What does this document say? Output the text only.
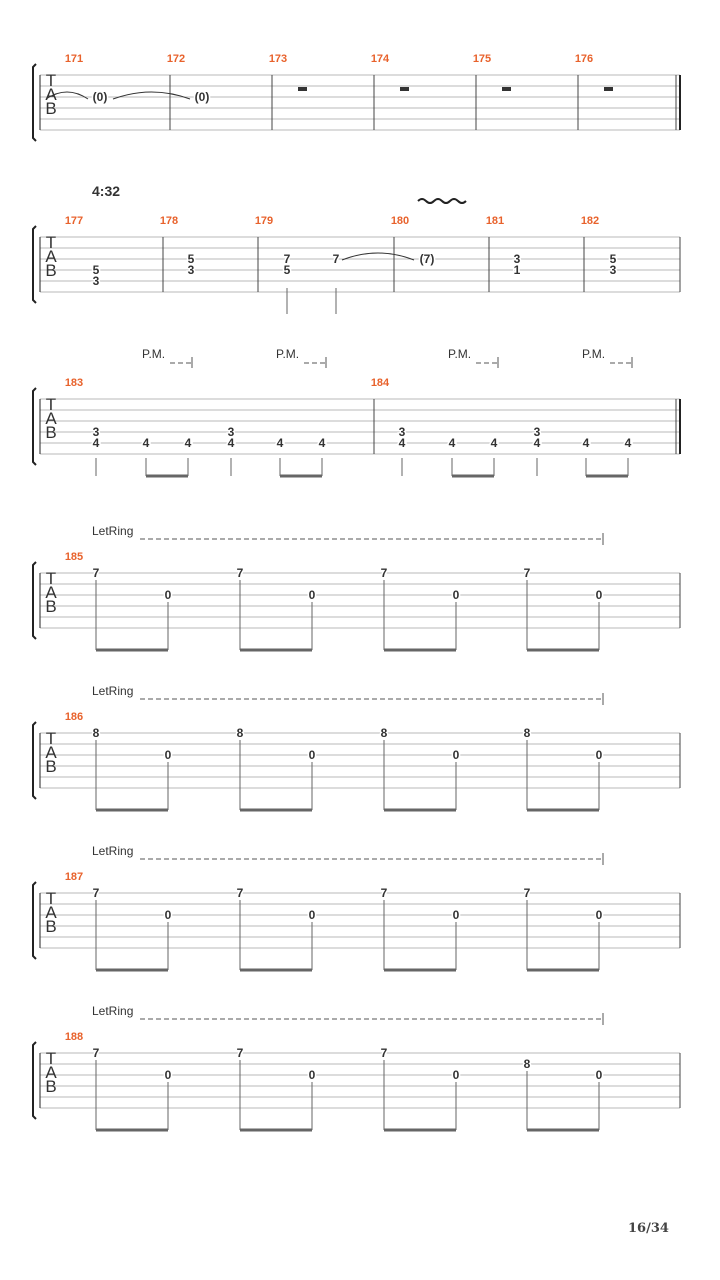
T
A
B
171
(0)
172
(0)
173	174	175	176
4:32
T
A
B
177
5
3
178
5
3
179
7
5
7
180
(7)
181
3
1
182
5
3
T
A
B
P.M.	P.M.	P.M.	P.M.
183
3
4	4	4
3
4	4	4
184
3
4	4	4
3
4	4	4
LetRing
T
A
B
185
7
0
7
0
7
0
7
0
LetRing
T
A
B
186
8
0
8
0
8
0
8
0
LetRing
T
A
B
187
7
0
7
0
7
0
7
0
LetRing
T
A
B
188
7
0
7
0
7
0
8
0
16/34
